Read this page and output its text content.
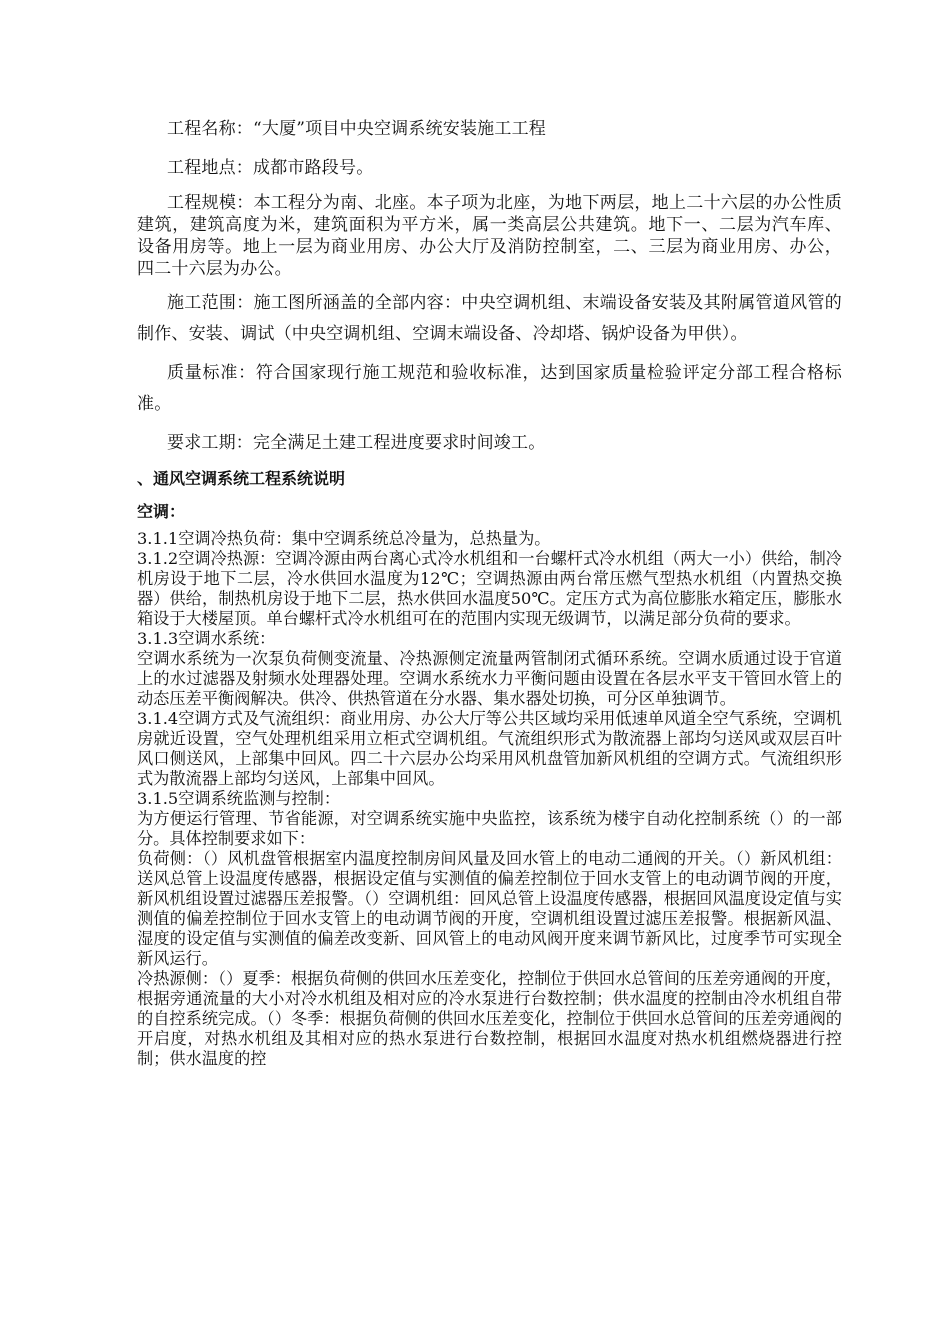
工程名称：“大厦”项目中央空调系统安装施工工程

工程地点：成都市路段号。

工程规模：本工程分为南、北座。本子项为北座，为地下两层，地上二十六层的办公性质建筑，建筑高度为米，建筑面积为平方米，属一类高层公共建筑。地下一、二层为汽车库、设备用房等。地上一层为商业用房、办公大厅及消防控制室，二、三层为商业用房、办公，四二十六层为办公。

施工范围：施工图所涵盖的全部内容：中央空调机组、末端设备安装及其附属管道风管的制作、安装、调试（中央空调机组、空调末端设备、冷却塔、锅炉设备为甲供）。

质量标准：符合国家现行施工规范和验收标准，达到国家质量检验评定分部工程合格标准。

要求工期：完全满足土建工程进度要求时间竣工。

、通风空调系统工程系统说明
空调：

3.1.1空调冷热负荷：集中空调系统总冷量为，总热量为。

3.1.2空调冷热源：空调冷源由两台离心式冷水机组和一台螺杆式冷水机组（两大一小）供给，制冷机房设于地下二层，冷水供回水温度为12℃；空调热源由两台常压燃气型热水机组（内置热交换器）供给，制热机房设于地下二层，热水供回水温度50℃。定压方式为高位膨胀水箱定压，膨胀水箱设于大楼屋顶。单台螺杆式冷水机组可在的范围内实现无级调节，以满足部分负荷的要求。

3.1.3空调水系统：

空调水系统为一次泵负荷侧变流量、冷热源侧定流量两管制闭式循环系统。空调水质通过设于官道上的水过滤器及射频水处理器处理。空调水系统水力平衡问题由设置在各层水平支干管回水管上的动态压差平衡阀解决。供冷、供热管道在分水器、集水器处切换，可分区单独调节。

3.1.4空调方式及气流组织：商业用房、办公大厅等公共区域均采用低速单风道全空气系统，空调机房就近设置，空气处理机组采用立柜式空调机组。气流组织形式为散流器上部均匀送风或双层百叶风口侧送风，上部集中回风。四二十六层办公均采用风机盘管加新风机组的空调方式。气流组织形式为散流器上部均匀送风，上部集中回风。

3.1.5空调系统监测与控制：

为方便运行管理、节省能源，对空调系统实施中央监控，该系统为楼宇自动化控制系统（）的一部分。具体控制要求如下：

负荷侧：（）风机盘管根据室内温度控制房间风量及回水管上的电动二通阀的开关。（）新风机组：送风总管上设温度传感器，根据设定值与实测值的偏差控制位于回水支管上的电动调节阀的开度，新风机组设置过滤器压差报警。（）空调机组：回风总管上设温度传感器，根据回风温度设定值与实测值的偏差控制位于回水支管上的电动调节阀的开度，空调机组设置过滤压差报警。根据新风温、湿度的设定值与实测值的偏差改变新、回风管上的电动风阀开度来调节新风比，过度季节可实现全新风运行。

冷热源侧：（）夏季：根据负荷侧的供回水压差变化，控制位于供回水总管间的压差旁通阀的开度，根据旁通流量的大小对冷水机组及相对应的冷水泵进行台数控制；供水温度的控制由冷水机组自带的自控系统完成。（）冬季：根据负荷侧的供回水压差变化，控制位于供回水总管间的压差旁通阀的开启度，对热水机组及其相对应的热水泵进行台数控制，根据回水温度对热水机组燃烧器进行控制；供水温度的控
